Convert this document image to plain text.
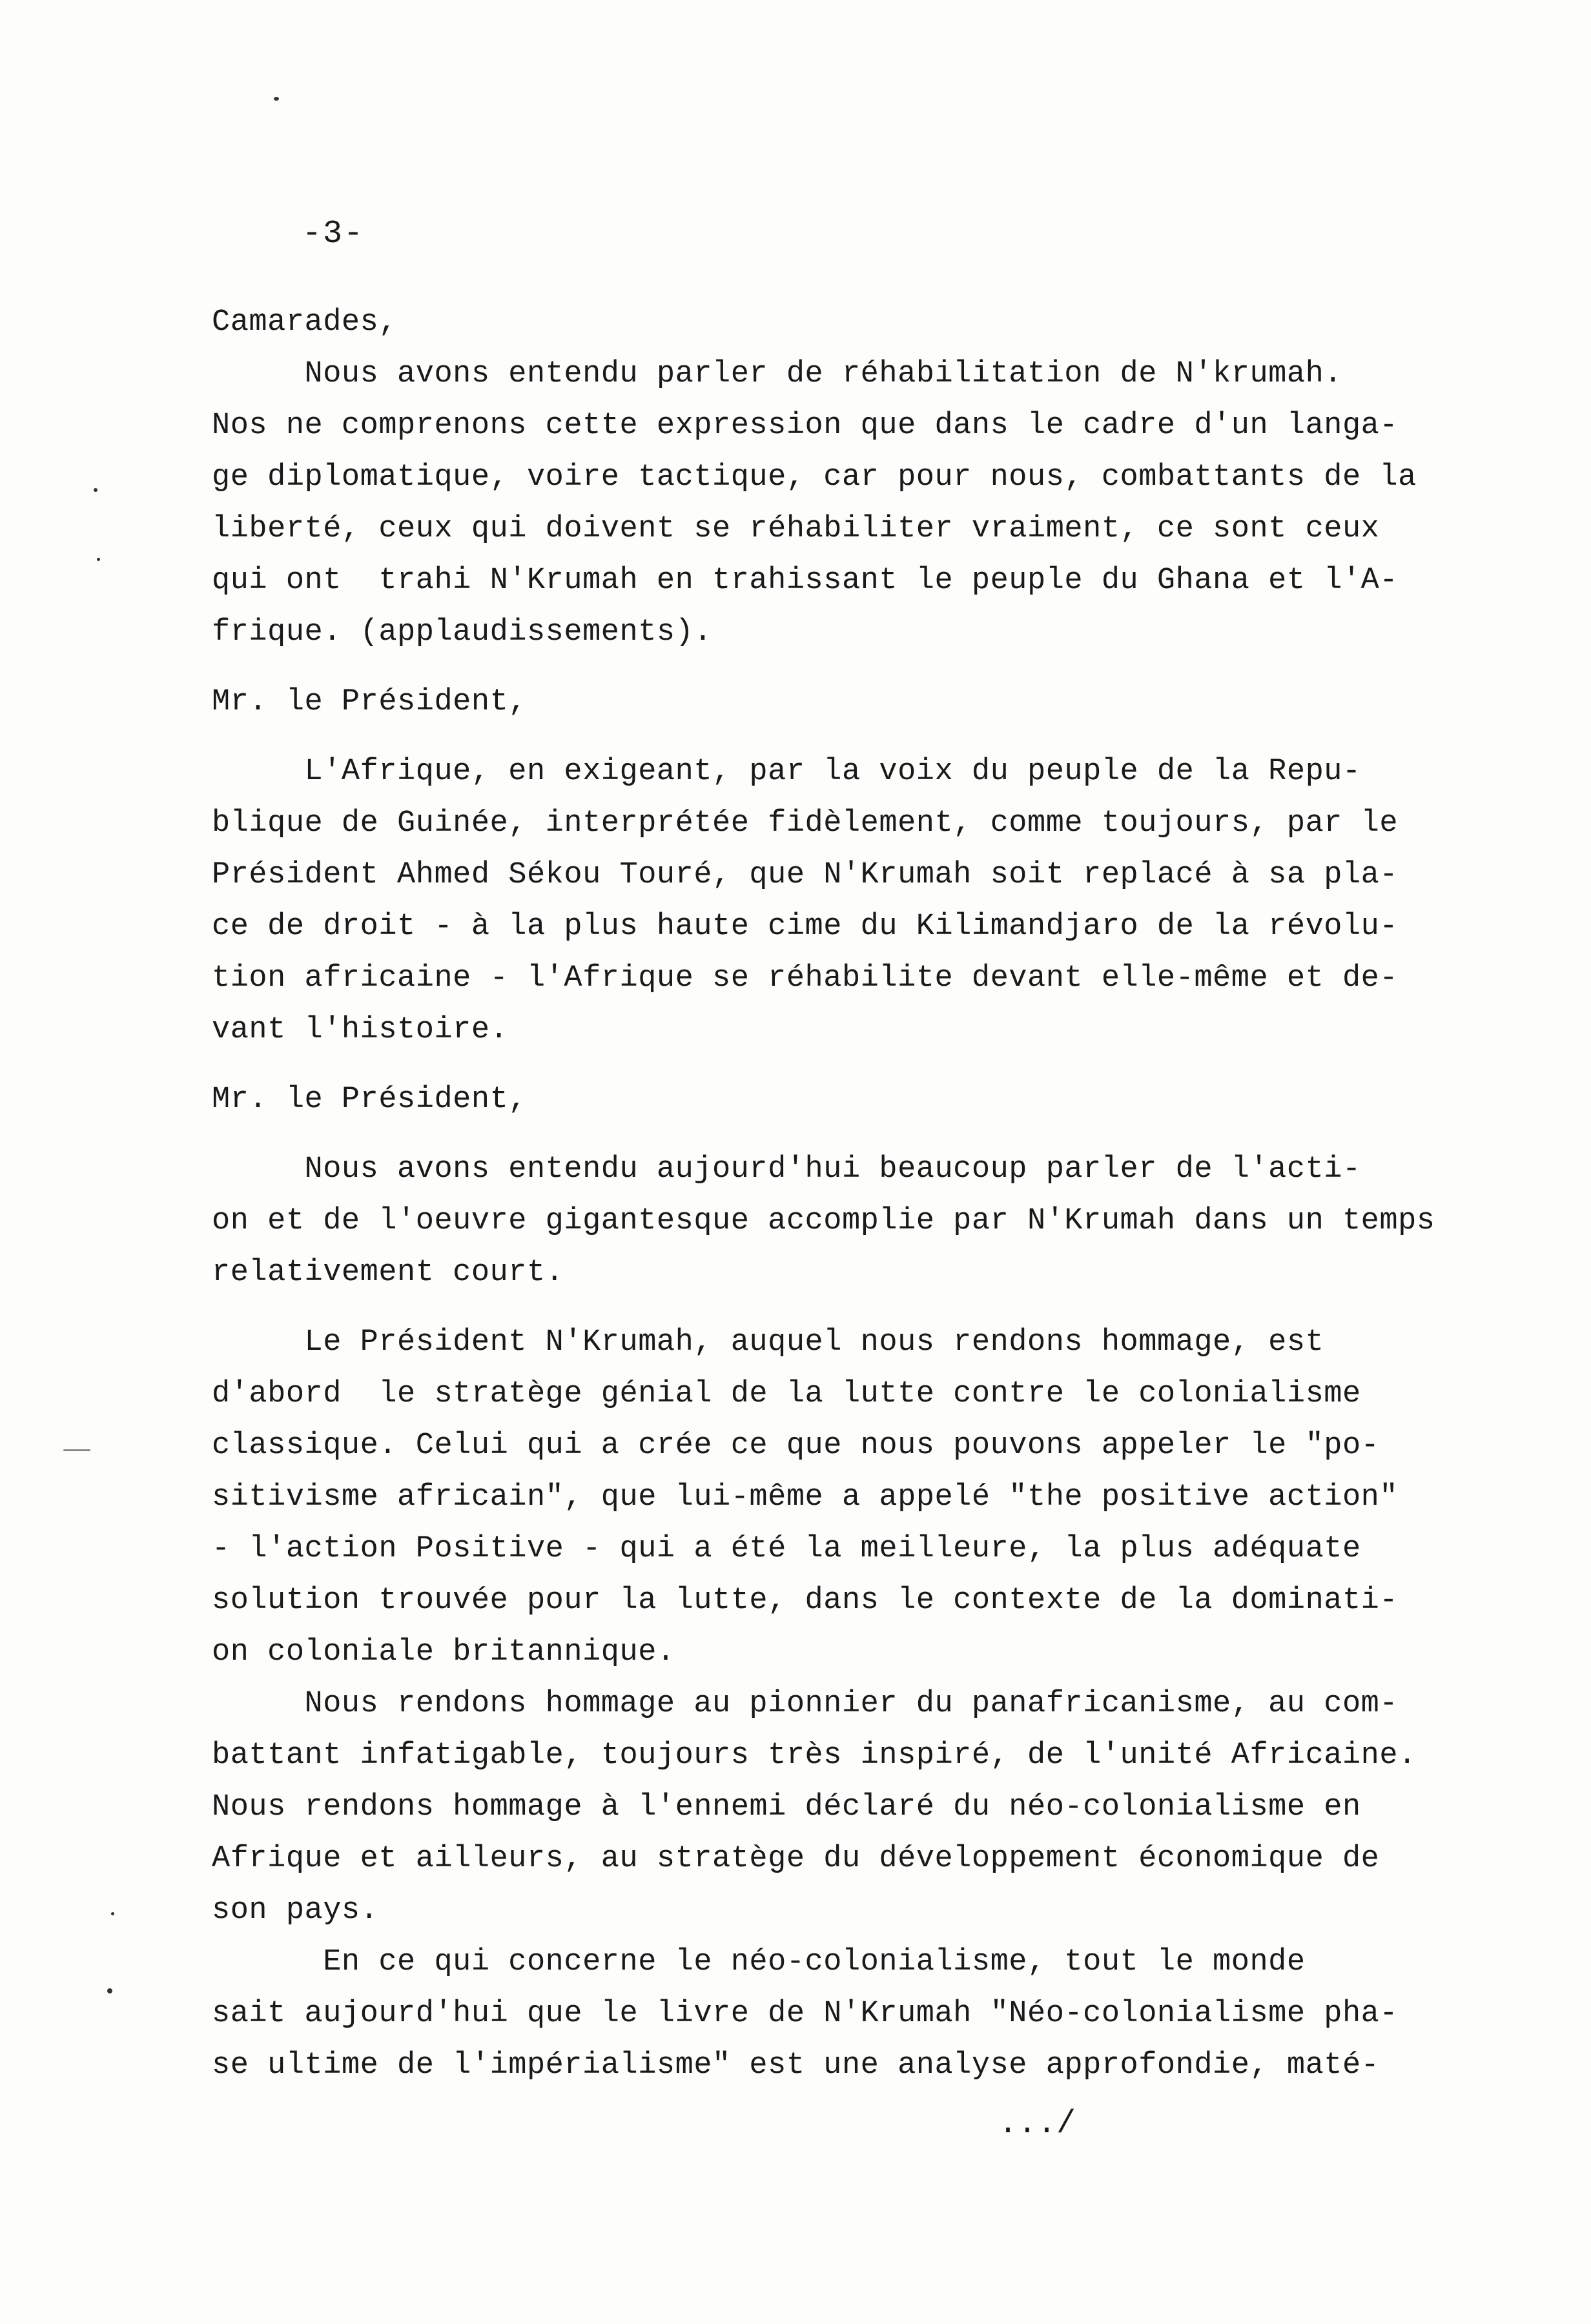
-3-
Camarades,
Nous avons entendu parler de réhabilitation de N'krumah.
Nos ne comprenons cette expression que dans le cadre d'un langa-
ge diplomatique, voire tactique, car pour nous, combattants de la
liberté, ceux qui doivent se réhabiliter vraiment, ce sont ceux
qui ont  trahi N'Krumah en trahissant le peuple du Ghana et l'A-
frique. (applaudissements).
Mr. le Président,
L'Afrique, en exigeant, par la voix du peuple de la Repu-
blique de Guinée, interprétée fidèlement, comme toujours, par le
Président Ahmed Sékou Touré, que N'Krumah soit replacé à sa pla-
ce de droit - à la plus haute cime du Kilimandjaro de la révolu-
tion africaine - l'Afrique se réhabilite devant elle-même et de-
vant l'histoire.
Mr. le Président,
Nous avons entendu aujourd'hui beaucoup parler de l'acti-
on et de l'oeuvre gigantesque accomplie par N'Krumah dans un temps
relativement court.
Le Président N'Krumah, auquel nous rendons hommage, est
d'abord  le stratège génial de la lutte contre le colonialisme
classique. Celui qui a crée ce que nous pouvons appeler le "po-
sitivisme africain", que lui-même a appelé "the positive action"
- l'action Positive - qui a été la meilleure, la plus adéquate
solution trouvée pour la lutte, dans le contexte de la dominati-
on coloniale britannique.
Nous rendons hommage au pionnier du panafricanisme, au com-
battant infatigable, toujours très inspiré, de l'unité Africaine.
Nous rendons hommage à l'ennemi déclaré du néo-colonialisme en
Afrique et ailleurs, au stratège du développement économique de
son pays.
En ce qui concerne le néo-colonialisme, tout le monde
sait aujourd'hui que le livre de N'Krumah "Néo-colonialisme pha-
se ultime de l'impérialisme" est une analyse approfondie, maté-
.../
